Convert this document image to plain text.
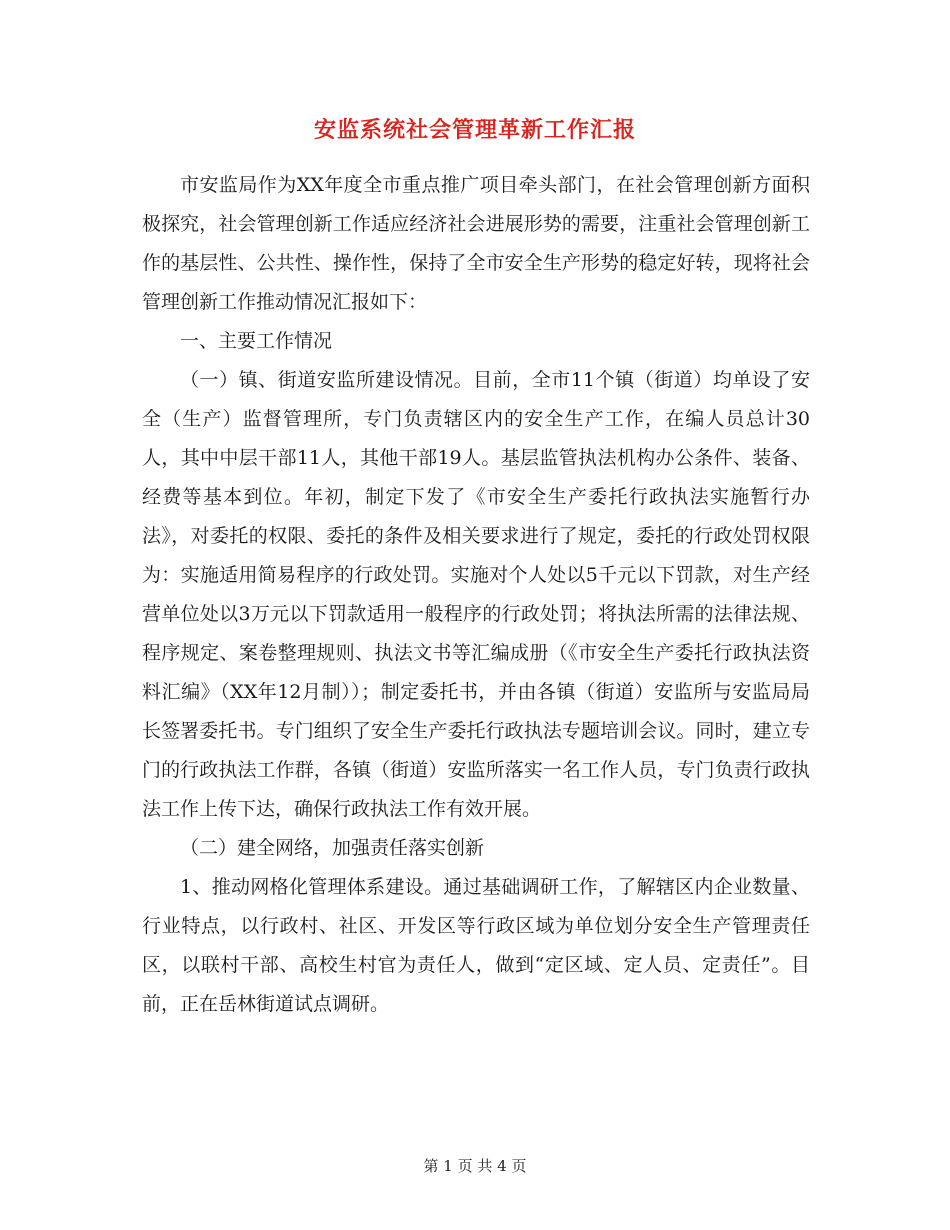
安监系统社会管理革新工作汇报

市安监局作为XX年度全市重点推广项目牵头部门，在社会管理创新方面积极探究，社会管理创新工作适应经济社会进展形势的需要，注重社会管理创新工作的基层性、公共性、操作性，保持了全市安全生产形势的稳定好转，现将社会管理创新工作推动情况汇报如下：

一、主要工作情况

（一）镇、街道安监所建设情况。目前，全市11个镇（街道）均单设了安全（生产）监督管理所，专门负责辖区内的安全生产工作，在编人员总计30人，其中中层干部11人，其他干部19人。基层监管执法机构办公条件、装备、经费等基本到位。年初，制定下发了《市安全生产委托行政执法实施暂行办法》，对委托的权限、委托的条件及相关要求进行了规定，委托的行政处罚权限为：实施适用简易程序的行政处罚。实施对个人处以5千元以下罚款，对生产经营单位处以3万元以下罚款适用一般程序的行政处罚；将执法所需的法律法规、程序规定、案卷整理规则、执法文书等汇编成册（《市安全生产委托行政执法资料汇编》（XX年12月制））；制定委托书，并由各镇（街道）安监所与安监局局长签署委托书。专门组织了安全生产委托行政执法专题培训会议。同时，建立专门的行政执法工作群，各镇（街道）安监所落实一名工作人员，专门负责行政执法工作上传下达，确保行政执法工作有效开展。

（二）建全网络，加强责任落实创新

1、推动网格化管理体系建设。通过基础调研工作，了解辖区内企业数量、行业特点，以行政村、社区、开发区等行政区域为单位划分安全生产管理责任区，以联村干部、高校生村官为责任人，做到“定区域、定人员、定责任”。目前，正在岳林街道试点调研。

第 1 页 共 4 页
